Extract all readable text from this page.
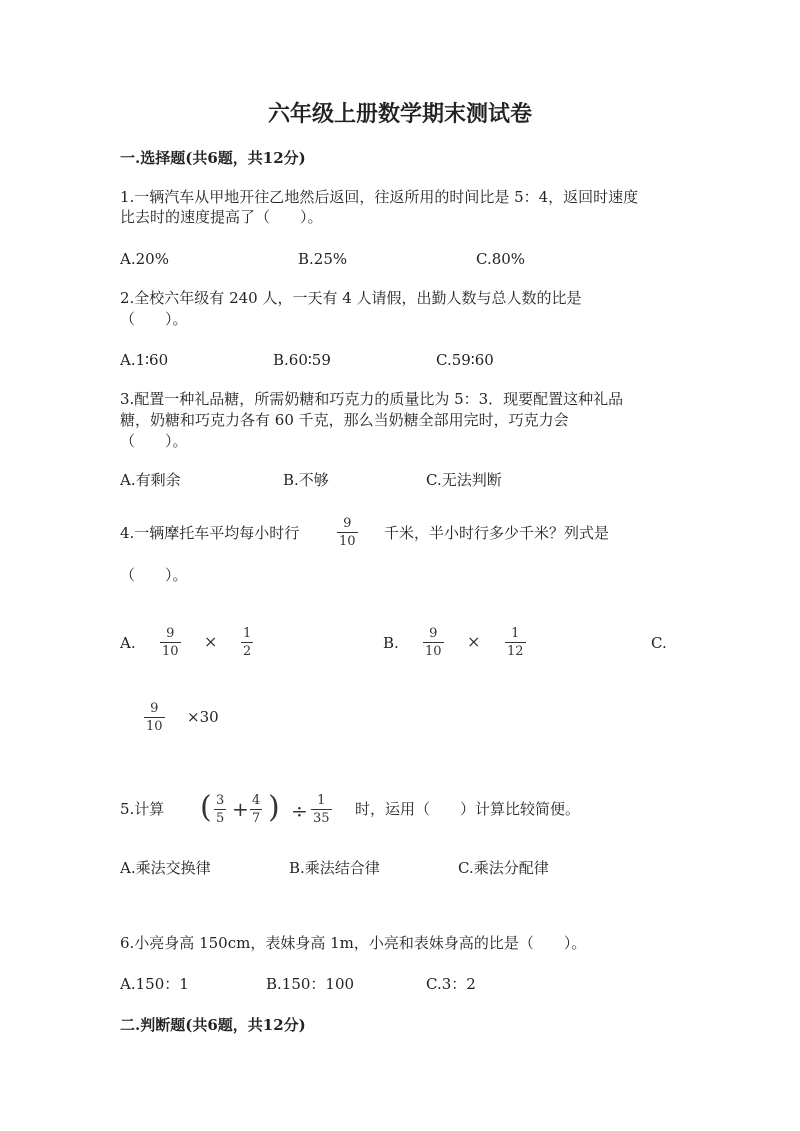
六年级上册数学期末测试卷
一.选择题(共6题，共12分)
1.一辆汽车从甲地开往乙地然后返回，往返所用的时间比是 5：4，返回时速度
比去时的速度提高了（　　）。
A.20%	B.25%	C.80%
2.全校六年级有 240 人，一天有 4 人请假，出勤人数与总人数的比是
（　　）。
A.1∶60	B.60∶59	C.59∶60
3.配置一种礼品糖，所需奶糖和巧克力的质量比为 5：3．现要配置这种礼品
糖，奶糖和巧克力各有 60 千克，那么当奶糖全部用完时，巧克力会
（　　）。
A.有剩余	B.不够	C.无法判断
4.一辆摩托车平均每小时行
9
10 千米，半小时行多少千米？列式是
（　　）。
A.
9
10
× 1
2	B.
9
10
× 1
12	C.
9
10
×30
5.计算 ( 3
5 + 4
7 ) ÷ 1
35
时，运用（　　）计算比较简便。
A.乘法交换律	B.乘法结合律	C.乘法分配律
6.小亮身高 150cm，表妹身高 1m，小亮和表妹身高的比是（　　）。
A.150：1	B.150：100	C.3：2
二.判断题(共6题，共12分)
